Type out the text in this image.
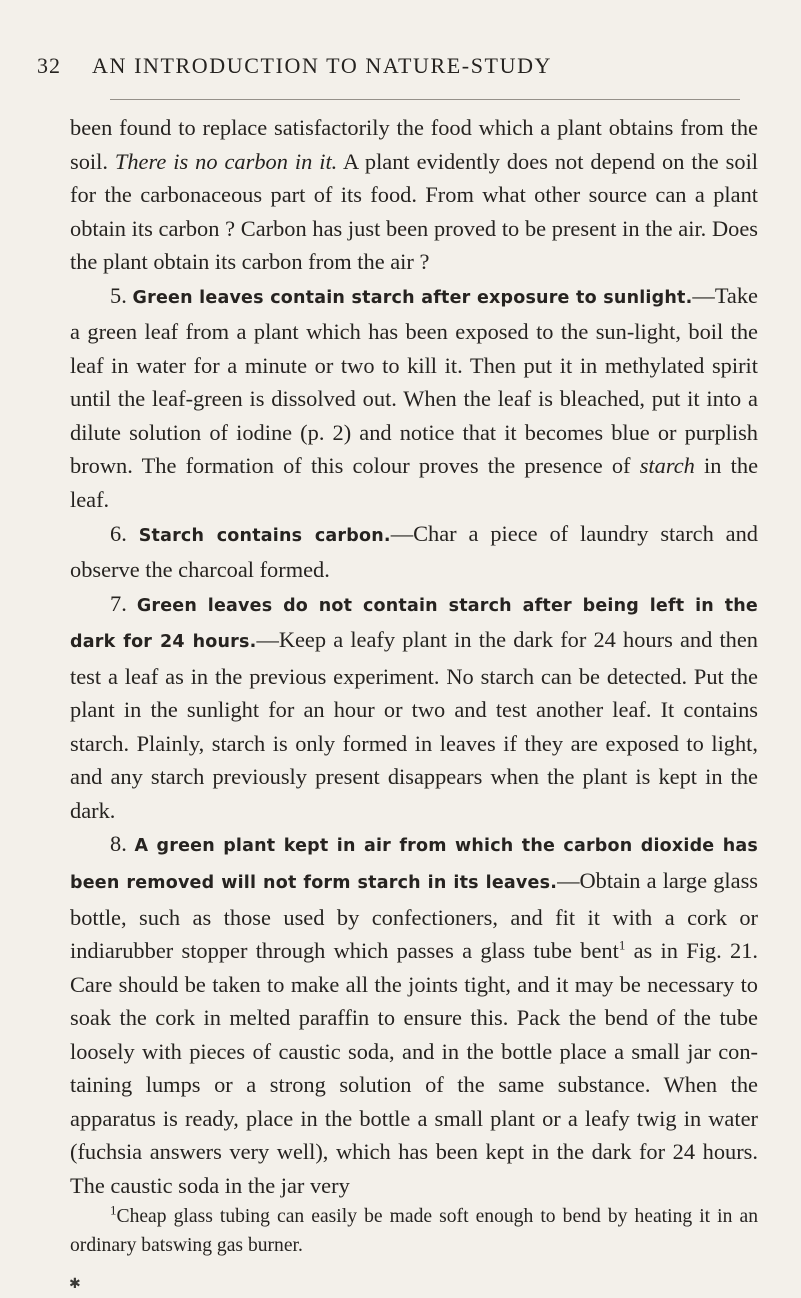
32 AN INTRODUCTION TO NATURE-STUDY

been found to replace satisfactorily the food which a plant obtains from the soil. There is no carbon in it. A plant evidently does not depend on the soil for the carbonaceous part of its food. From what other source can a plant obtain its carbon ? Carbon has just been proved to be present in the air. Does the plant obtain its carbon from the air ?

5. Green leaves contain starch after exposure to sunlight.—Take a green leaf from a plant which has been exposed to the sun-light, boil the leaf in water for a minute or two to kill it. Then put it in methylated spirit until the leaf-green is dissolved out. When the leaf is bleached, put it into a dilute solution of iodine (p. 2) and notice that it becomes blue or purplish brown. The formation of this colour proves the presence of starch in the leaf.

6. Starch contains carbon.—Char a piece of laundry starch and observe the charcoal formed.

7. Green leaves do not contain starch after being left in the dark for 24 hours.—Keep a leafy plant in the dark for 24 hours and then test a leaf as in the previous experiment. No starch can be detected. Put the plant in the sunlight for an hour or two and test another leaf. It contains starch. Plainly, starch is only formed in leaves if they are exposed to light, and any starch previously present disappears when the plant is kept in the dark.

8. A green plant kept in air from which the carbon dioxide has been removed will not form starch in its leaves.—Obtain a large glass bottle, such as those used by confectioners, and fit it with a cork or indiarubber stopper through which passes a glass tube bent$^1$ as in Fig. 21. Care should be taken to make all the joints tight, and it may be necessary to soak the cork in melted paraffin to ensure this. Pack the bend of the tube loosely with pieces of caustic soda, and in the bottle place a small jar con-taining lumps or a strong solution of the same substance. When the apparatus is ready, place in the bottle a small plant or a leafy twig in water (fuchsia answers very well), which has been kept in the dark for 24 hours. The caustic soda in the jar very

$^1$Cheap glass tubing can easily be made soft enough to bend by heating it in an ordinary batswing gas burner.

✱
